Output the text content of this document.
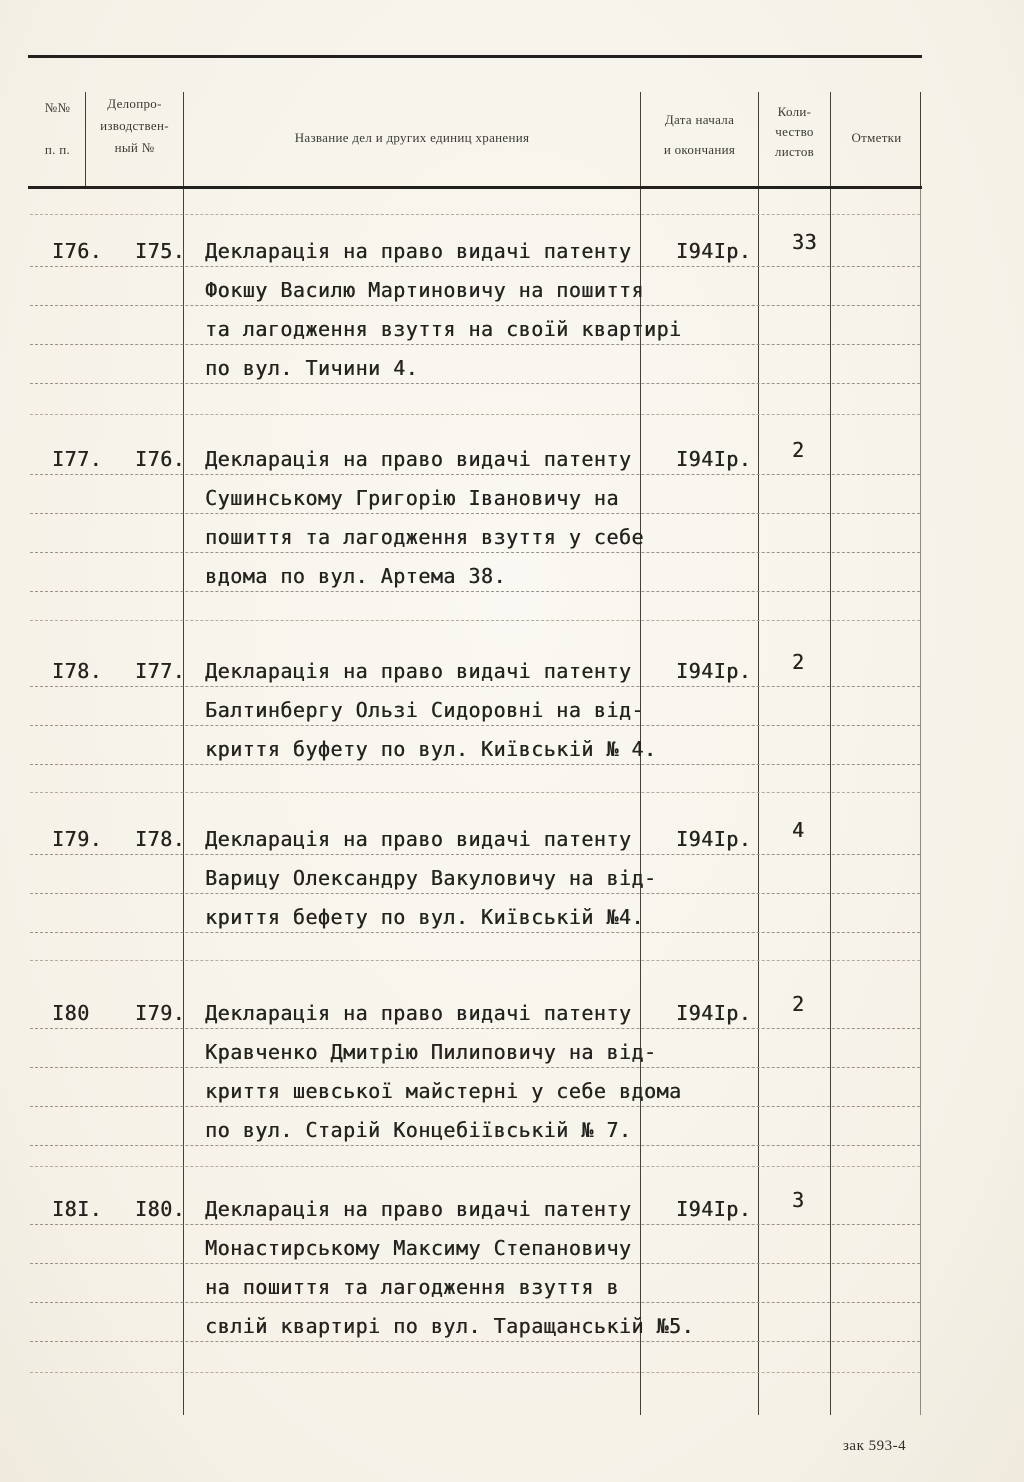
№№
п. п.
Делопро-
изводствен-
ный №
Название дел и других единиц хранения
Дата начала
и окончания
Коли-
чество
листов
Отметки
I76. I75. Декларація на право видачі патенту I94Iр. 33
Фокшу Василю Мартиновичу на пошиття
та лагодження взуття на своїй квартирі
по вул. Тичини 4.
I77. I76. Декларація на право видачі патенту I94Iр. 2
Сушинському Григорію Івановичу на
пошиття та лагодження взуття у себе
вдома по вул. Артема 38.
I78. I77. Декларація на право видачі патенту I94Iр. 2
Балтинбергу Ользі Сидоровні на від-
криття буфету по вул. Київській № 4.
I79. I78. Декларація на право видачі патенту I94Iр. 4
Варицу Олександру Вакуловичу на від-
криття бефету по вул. Київській №4.
I80 I79. Декларація на право видачі патенту I94Iр. 2
Кравченко Дмитрію Пилиповичу на від-
криття шевської майстерні у себе вдома
по вул. Старій Концебіївській № 7.
I8I. I80. Декларація на право видачі патенту I94Iр. 3
Монастирському Максиму Степановичу
на пошиття та лагодження взуття в
свлій квартирі по вул. Таращанській №5.
зак 593-4
